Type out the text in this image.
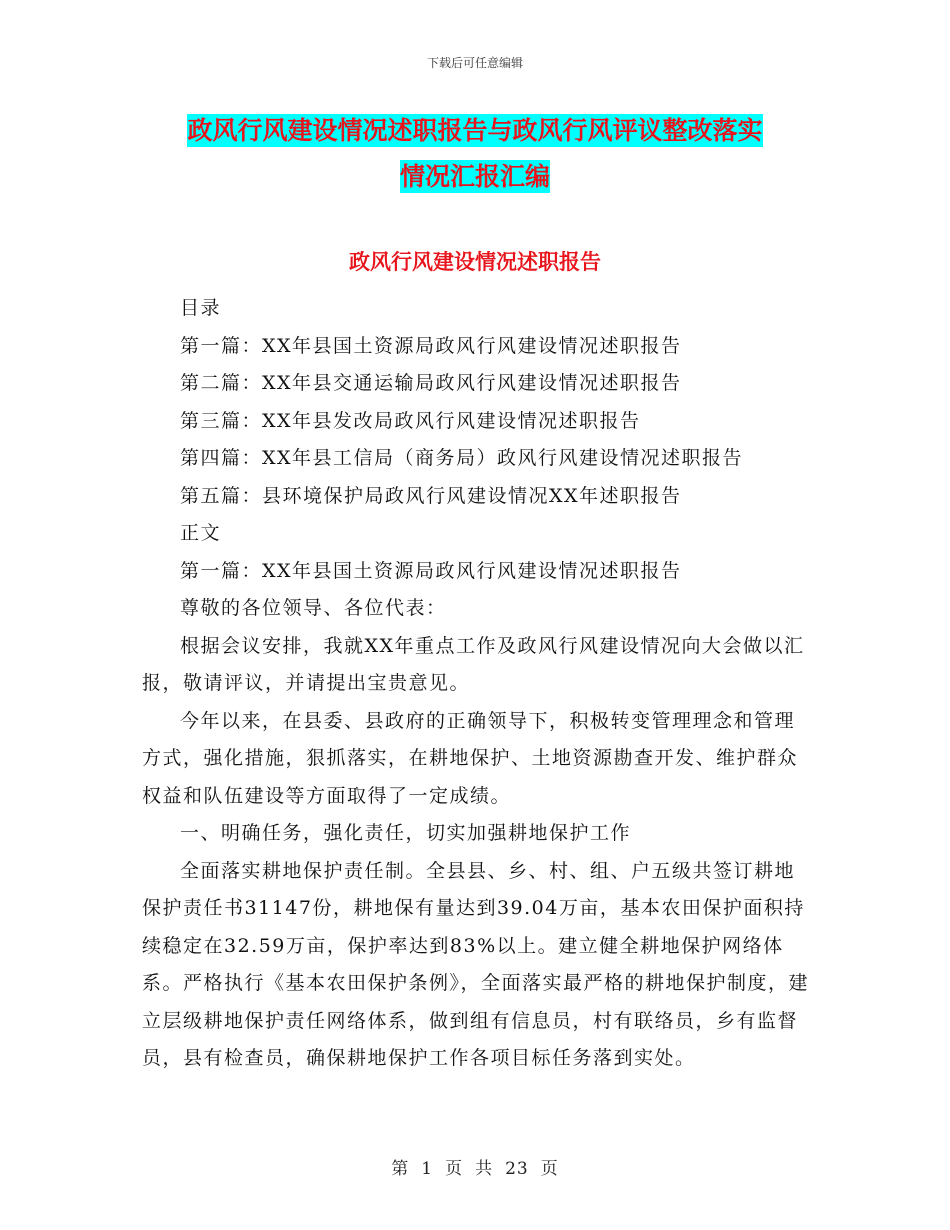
下载后可任意编辑
政风行风建设情况述职报告与政风行风评议整改落实
情况汇报汇编
政风行风建设情况述职报告

目录

第一篇：XX年县国土资源局政风行风建设情况述职报告

第二篇：XX年县交通运输局政风行风建设情况述职报告

第三篇：XX年县发改局政风行风建设情况述职报告

第四篇：XX年县工信局（商务局）政风行风建设情况述职报告

第五篇：县环境保护局政风行风建设情况XX年述职报告

正文

第一篇：XX年县国土资源局政风行风建设情况述职报告

尊敬的各位领导、各位代表：

根据会议安排，我就XX年重点工作及政风行风建设情况向大会做以汇报，敬请评议，并请提出宝贵意见。

今年以来，在县委、县政府的正确领导下，积极转变管理理念和管理方式，强化措施，狠抓落实，在耕地保护、土地资源勘查开发、维护群众权益和队伍建设等方面取得了一定成绩。

一、明确任务，强化责任，切实加强耕地保护工作

全面落实耕地保护责任制。全县县、乡、村、组、户五级共签订耕地保护责任书31147份，耕地保有量达到39.04万亩，基本农田保护面积持续稳定在32.59万亩，保护率达到83%以上。建立健全耕地保护网络体系。严格执行《基本农田保护条例》，全面落实最严格的耕地保护制度，建立层级耕地保护责任网络体系，做到组有信息员，村有联络员，乡有监督员，县有检查员，确保耕地保护工作各项目标任务落到实处。

第 1 页 共 23 页
